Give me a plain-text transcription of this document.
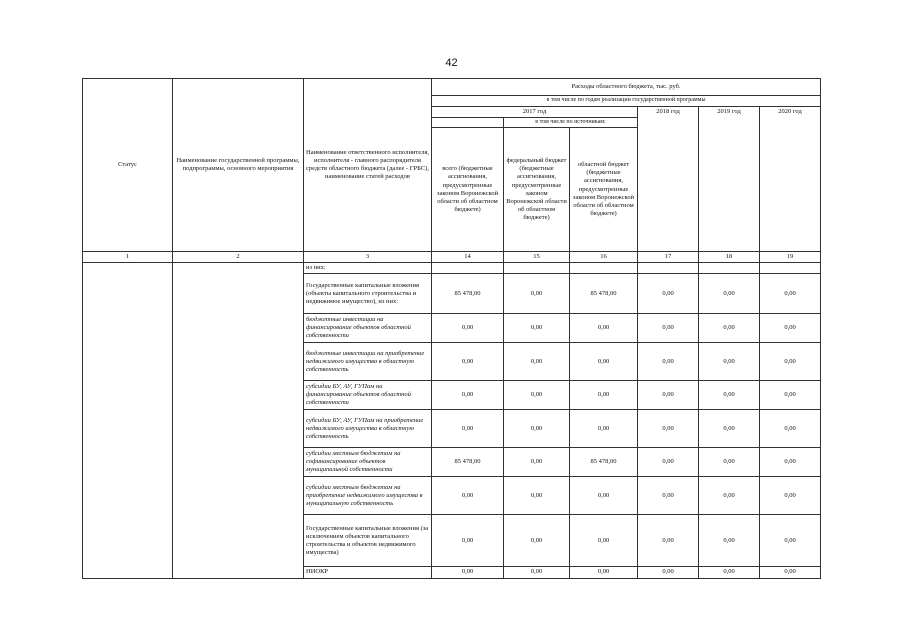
42
Статус	Наименование государственной программы, подпрограммы, основного мероприятия	Наименование ответственного исполнителя, исполнителя - главного распорядителя средств областного бюджета (далее - ГРБС), наименование статей расходов	Расходы областного бюджета, тыс. руб.					
			в том числе по годам реализации государственной программы					
			2017 год			2018 год	2019 год	2020 год
				в том числе по источникам:				
			всего (бюджетные ассигнования, предусмотренные законом Воронежской области об областном бюджете)	федеральный бюджет (бюджетные ассигнования, предусмотренные законом Воронежской области об областном бюджете)	областной бюджет (бюджетные ассигнования, предусмотренные законом Воронежской области об областном бюджете)			
1	2	3	14	15	16	17	18	19
		из них:						
		Государственные капитальные вложения (объекты капитального строительства и недвижимое имущество), из них:	85 478,00	0,00	85 478,00	0,00	0,00	0,00
		бюджетные инвестиции на финансирование объектов областной собственности	0,00	0,00	0,00	0,00	0,00	0,00
		бюджетные инвестиции на приобретение недвижимого имущества в областную собственность	0,00	0,00	0,00	0,00	0,00	0,00
		субсидии БУ, АУ, ГУПам на финансирование объектов областной собственности	0,00	0,00	0,00	0,00	0,00	0,00
		субсидии БУ, АУ, ГУПам на приобретение недвижимого имущества в областную собственность	0,00	0,00	0,00	0,00	0,00	0,00
		субсидии местным бюджетам на софинансирование объектов муниципальной собственности	85 478,00	0,00	85 478,00	0,00	0,00	0,00
		субсидии местным бюджетам на приобретение недвижимого имущества в муниципальную собственность	0,00	0,00	0,00	0,00	0,00	0,00
		Государственные капитальные вложения (за исключением объектов капитального строительства и объектов недвижимого имущества)	0,00	0,00	0,00	0,00	0,00	0,00
		НИОКР	0,00	0,00	0,00	0,00	0,00	0,00
